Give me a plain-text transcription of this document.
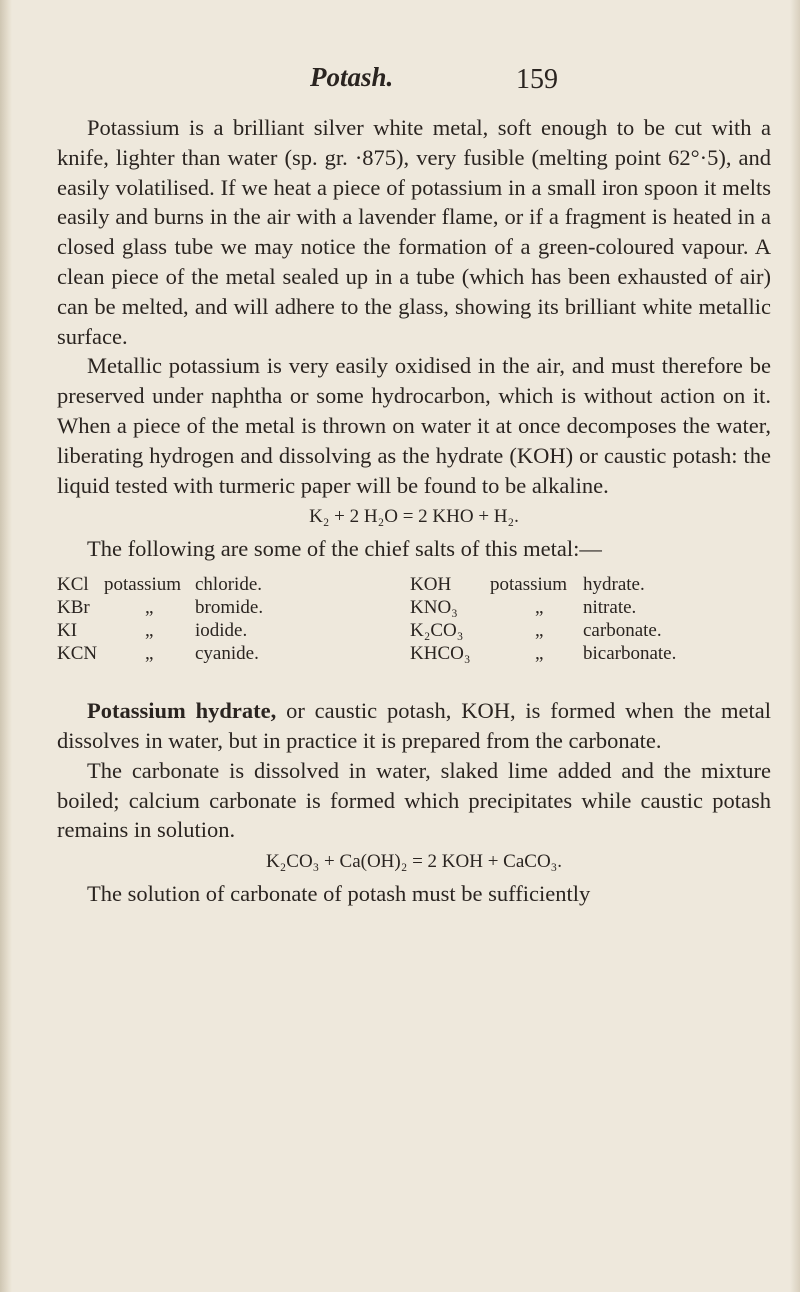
Potash.	159

Potassium is a brilliant silver white metal, soft enough to be cut with a knife, lighter than water (sp. gr. ·875), very fusible (melting point 62°·5), and easily volatilised. If we heat a piece of potassium in a small iron spoon it melts easily and burns in the air with a lavender flame, or if a fragment is heated in a closed glass tube we may notice the formation of a green-coloured vapour. A clean piece of the metal sealed up in a tube (which has been exhausted of air) can be melted, and will adhere to the glass, showing its brilliant white metallic surface.

Metallic potassium is very easily oxidised in the air, and must therefore be preserved under naphtha or some hydrocarbon, which is without action on it. When a piece of the metal is thrown on water it at once decomposes the water, liberating hydrogen and dissolving as the hydrate (KOH) or caustic potash: the liquid tested with turmeric paper will be found to be alkaline.

K₂ + 2 H₂O = 2 KHO + H₂.

The following are some of the chief salts of this metal:—

KCl potassium chloride.	KOH potassium hydrate.
KBr	„ bromide.	KNO₃	„ nitrate.
KI	„ iodide.	K₂CO₃	„ carbonate.
KCN	„ cyanide.	KHCO₃	„ bicarbonate.

Potassium hydrate, or caustic potash, KOH, is formed when the metal dissolves in water, but in practice it is prepared from the carbonate.

The carbonate is dissolved in water, slaked lime added and the mixture boiled; calcium carbonate is formed which precipitates while caustic potash remains in solution.

K₂CO₃ + Ca(OH)₂ = 2 KOH + CaCO₃.

The solution of carbonate of potash must be sufficiently
